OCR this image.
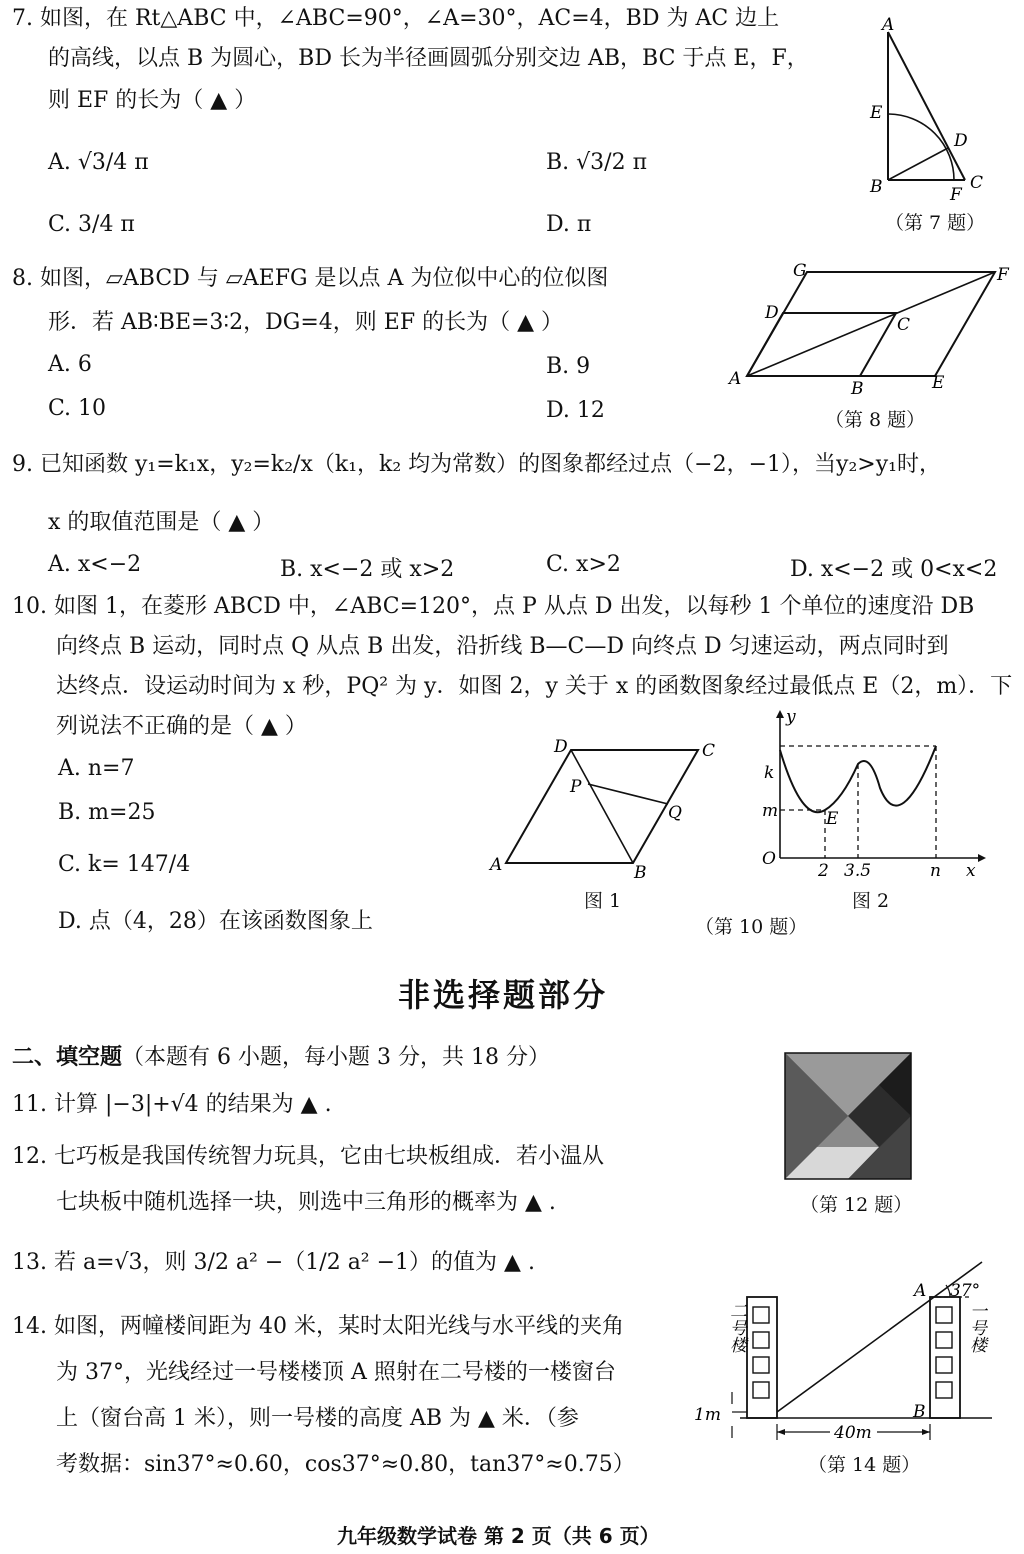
7. 如图，在 Rt△ABC 中，∠ABC=90°，∠A=30°，AC=4，BD 为 AC 边上
的高线，以点 B 为圆心，BD 长为半径画圆弧分别交边 AB，BC 于点 E，F，
则 EF 的长为（ ▲ ）
A. √3/4 π	B. √3/2 π
C. 3/4 π	D. π
A
E
D
B	F
C
（第 7 题）
8. 如图，▱ABCD 与 ▱AEFG 是以点 A 为位似中心的位似图
形．若 AB∶BE=3∶2，DG=4，则 EF 的长为（ ▲ ）
A. 6	B. 9
C. 10	D. 12
G	F
D
C
A	B	E
（第 8 题）
9. 已知函数 y₁=k₁x，y₂=k₂/x（k₁，k₂ 均为常数）的图象都经过点（−2，−1），当y₂>y₁时，
x 的取值范围是（ ▲ ）
A. x<−2	B. x<−2 或 x>2	C. x>2	D. x<−2 或 0<x<2
10. 如图 1，在菱形 ABCD 中，∠ABC=120°，点 P 从点 D 出发，以每秒 1 个单位的速度沿 DB
向终点 B 运动，同时点 Q 从点 B 出发，沿折线 B—C—D 向终点 D 匀速运动，两点同时到
达终点．设运动时间为 x 秒，PQ² 为 y．如图 2，y 关于 x 的函数图象经过最低点 E（2，m）．下
列说法不正确的是（ ▲ ）
A. n=7
B. m=25
C. k= 147/4
D. 点（4，28）在该函数图象上
D	C
P
Q
A	B
图 1
y
k
m	E
O
2 3.5	n x
图 2
（第 10 题）
非选择题部分
二、填空题（本题有 6 小题，每小题 3 分，共 18 分）
11. 计算 |−3|+√4 的结果为 ▲ .
12. 七巧板是我国传统智力玩具，它由七块板组成．若小温从
七块板中随机选择一块，则选中三角形的概率为 ▲ .	（第 12 题）
13. 若 a=√3，则 3/2 a² −（1/2 a² −1）的值为 ▲ .
14. 如图，两幢楼间距为 40 米，某时太阳光线与水平线的夹角
为 37°，光线经过一号楼楼顶 A 照射在二号楼的一楼窗台
上（窗台高 1 米），则一号楼的高度 AB 为 ▲ 米．（参
考数据：sin37°≈0.60，cos37°≈0.80，tan37°≈0.75）
二号楼	一号楼
A 37°
B
1m
40m
（第 14 题）
九年级数学试卷 第 2 页（共 6 页）
